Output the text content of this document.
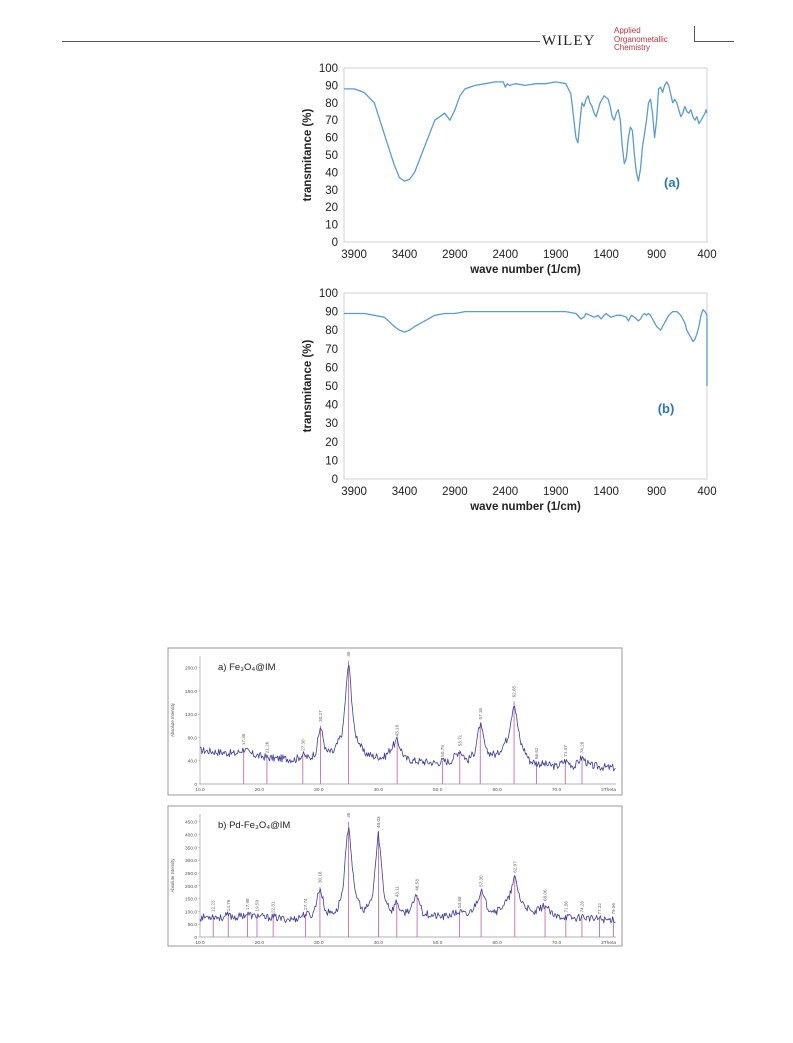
WILEY
Applied
Organometallic
Chemistry
0
10
20
30
40
50
60
70
80
90
100
3900 3400 2900 2400 1900 1400 900	400
wave number (1/cm)
transmitance (%)	(a)
0
10
20
30
40
50
60
70
80
90
100
3900 3400 2900 2400 1900 1400 900	400
wave number (1/cm)
transmitance (%)	(b)
0
40.0
80.0
120.0
160.0
200.0
10.0	20.0	30.0	40.0	50.0	60.0	70.0	2Theta
Absolute Intensity
17.35
21.26	27.30
30.27
35
43.18
50.79
53.71
57.16
62.85
66.62	71.47	74.28
a) Fe₃O₄@IM
0
50.0
100.0
150.0
200.0
250.0
300.0
350.0
400.0
450.0
10.0	20.0	30.0	40.0	50.0	60.0	70.0	2Theta
Absolute Intensity
12.23 14.76	17.98 19.59 22.31	27.74
30.18
35
40.03
43.11
46.53
53.68
57.30
62.97
68.06
71.56 74.26	77.22 79.56
b) Pd-Fe₃O₄@IM
